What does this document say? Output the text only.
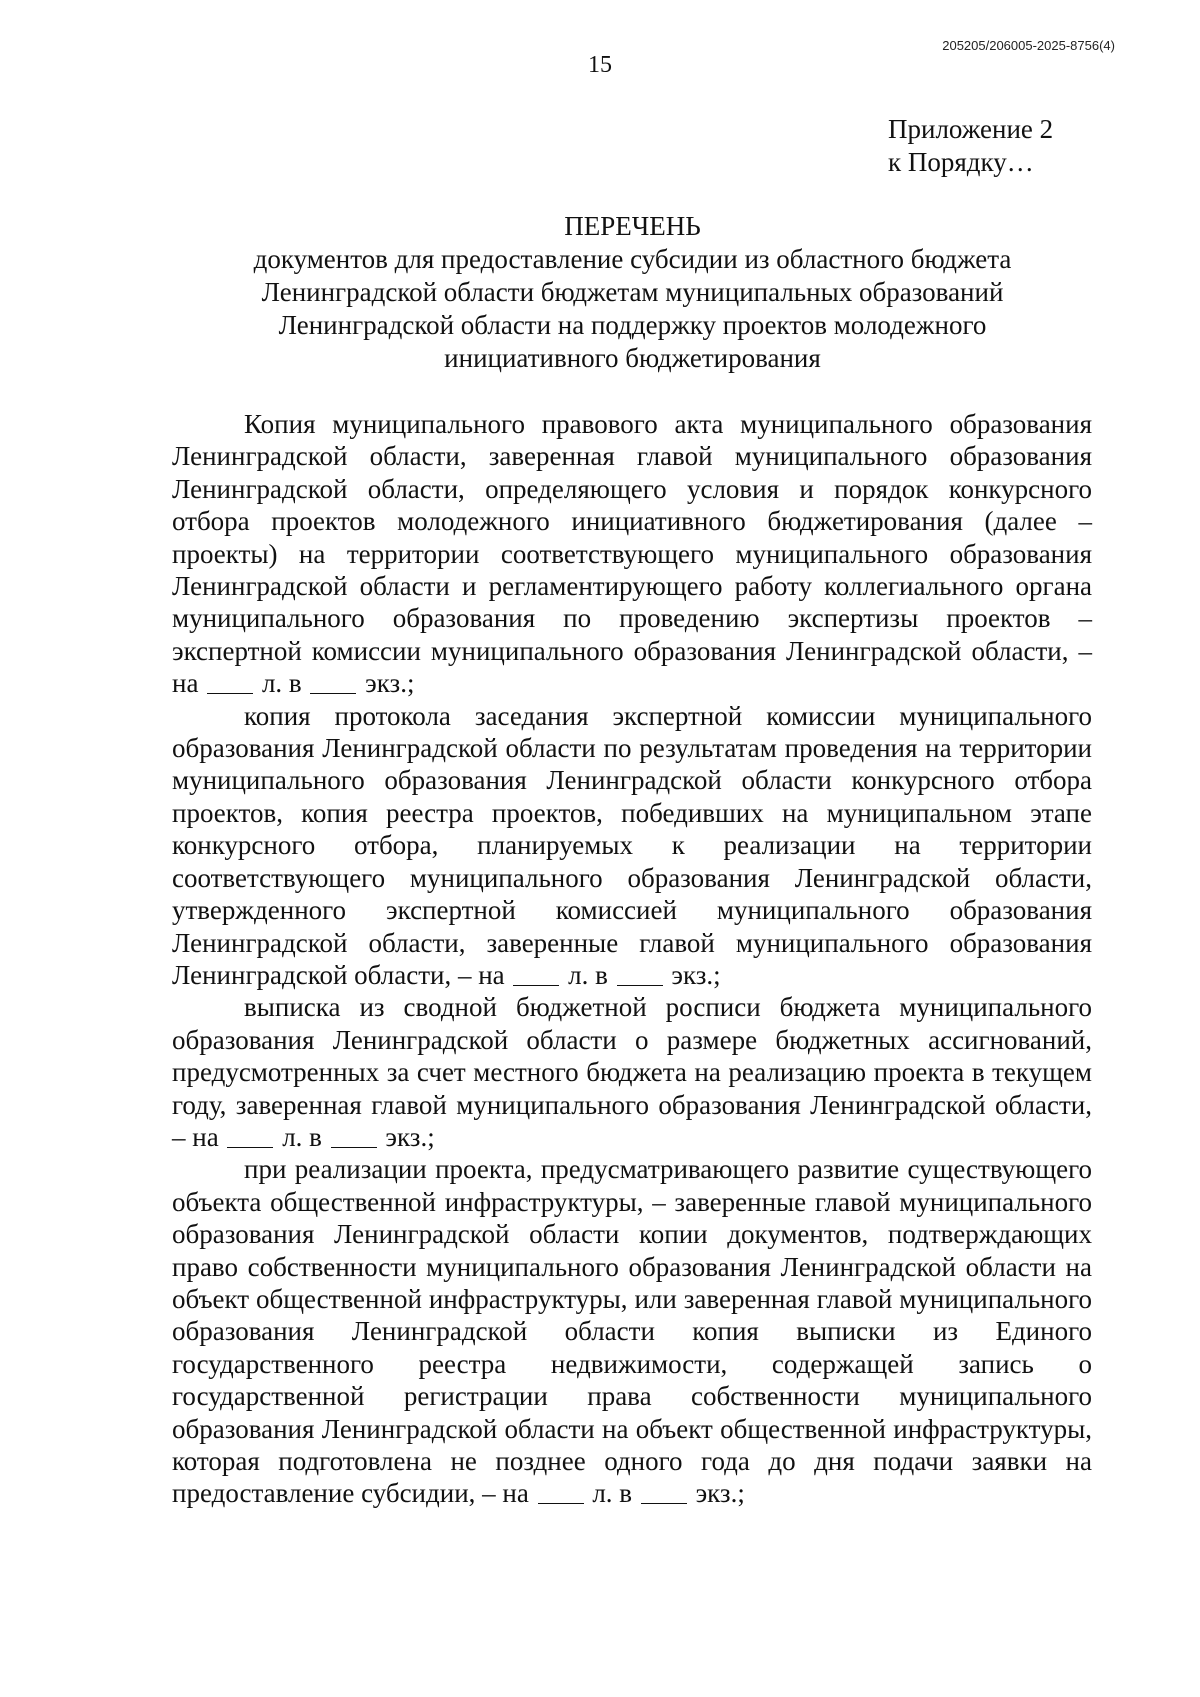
205205/206005-2025-8756(4)
15
Приложение 2
к Порядку…
ПЕРЕЧЕНЬ
документов для предоставление субсидии из областного бюджета
Ленинградской области бюджетам муниципальных образований
Ленинградской области на поддержку проектов молодежного
инициативного бюджетирования

Копия муниципального правового акта муниципального образования Ленинградской области, заверенная главой муниципального образования Ленинградской области, определяющего условия и порядок конкурсного отбора проектов молодежного инициативного бюджетирования (далее – проекты) на территории соответствующего муниципального образования Ленинградской области и регламентирующего работу коллегиального органа муниципального образования по проведению экспертизы проектов – экспертной комиссии муниципального образования Ленинградской области, – на л. в экз.;

копия протокола заседания экспертной комиссии муниципального образования Ленинградской области по результатам проведения на территории муниципального образования Ленинградской области конкурсного отбора проектов, копия реестра проектов, победивших на муниципальном этапе конкурсного отбора, планируемых к реализации на территории соответствующего муниципального образования Ленинградской области, утвержденного экспертной комиссией муниципального образования Ленинградской области, заверенные главой муниципального образования Ленинградской области, – на л. в экз.;

выписка из сводной бюджетной росписи бюджета муниципального образования Ленинградской области о размере бюджетных ассигнований, предусмотренных за счет местного бюджета на реализацию проекта в текущем году, заверенная главой муниципального образования Ленинградской области, – на л. в экз.;

при реализации проекта, предусматривающего развитие существующего объекта общественной инфраструктуры, – заверенные главой муниципального образования Ленинградской области копии документов, подтверждающих право собственности муниципального образования Ленинградской области на объект общественной инфраструктуры, или заверенная главой муниципального образования Ленинградской области копия выписки из Единого государственного реестра недвижимости, содержащей запись о государственной регистрации права собственности муниципального образования Ленинградской области на объект общественной инфраструктуры, которая подготовлена не позднее одного года до дня подачи заявки на предоставление субсидии, – на л. в экз.;
